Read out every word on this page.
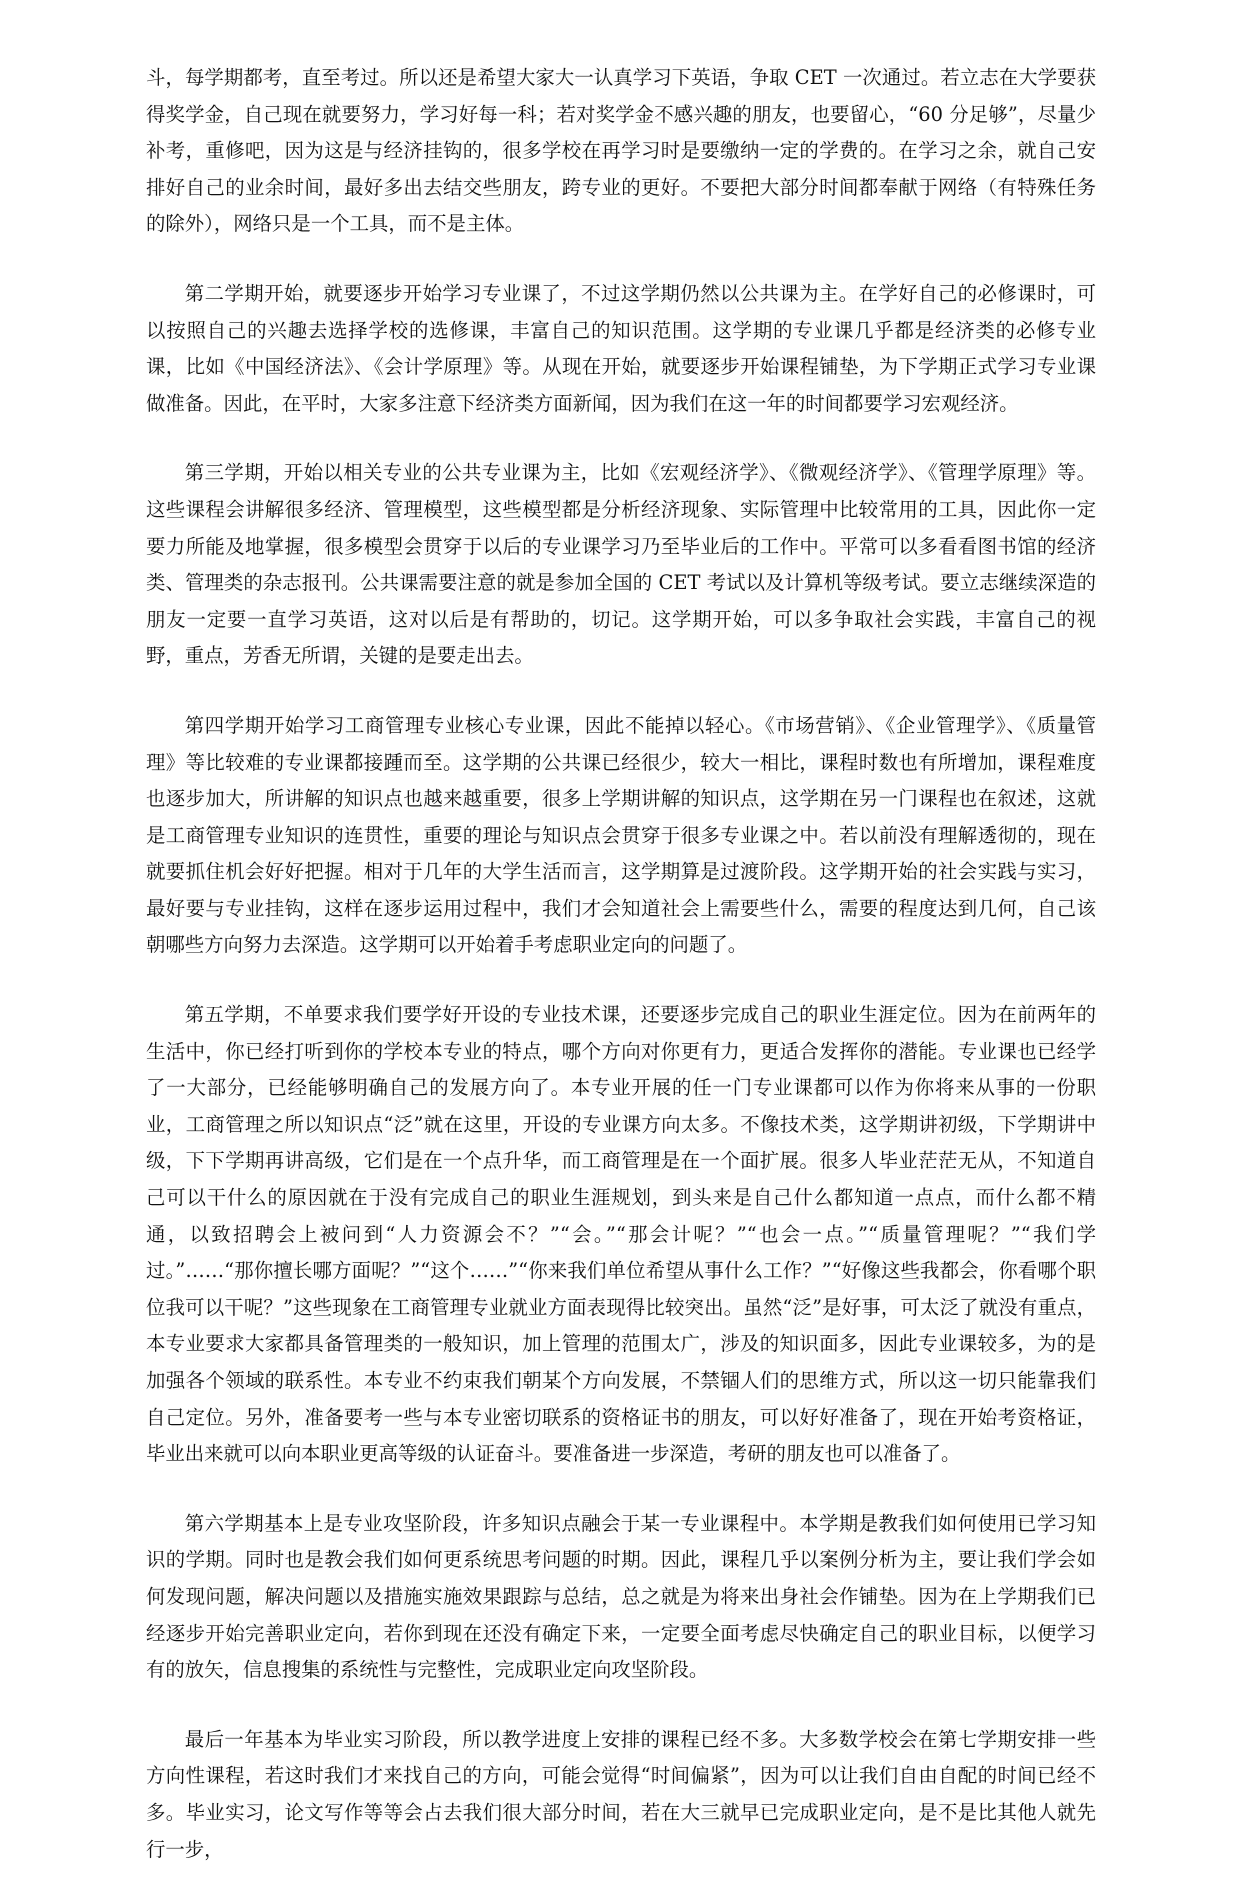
斗，每学期都考，直至考过。所以还是希望大家大一认真学习下英语，争取 CET 一次通过。若立志在大学要获得奖学金，自己现在就要努力，学习好每一科；若对奖学金不感兴趣的朋友，也要留心，“60 分足够”，尽量少补考，重修吧，因为这是与经济挂钩的，很多学校在再学习时是要缴纳一定的学费的。在学习之余，就自己安排好自己的业余时间，最好多出去结交些朋友，跨专业的更好。不要把大部分时间都奉献于网络（有特殊任务的除外），网络只是一个工具，而不是主体。

第二学期开始，就要逐步开始学习专业课了，不过这学期仍然以公共课为主。在学好自己的必修课时，可以按照自己的兴趣去选择学校的选修课，丰富自己的知识范围。这学期的专业课几乎都是经济类的必修专业课，比如《中国经济法》、《会计学原理》等。从现在开始，就要逐步开始课程铺垫，为下学期正式学习专业课做准备。因此，在平时，大家多注意下经济类方面新闻，因为我们在这一年的时间都要学习宏观经济。

第三学期，开始以相关专业的公共专业课为主，比如《宏观经济学》、《微观经济学》、《管理学原理》等。这些课程会讲解很多经济、管理模型，这些模型都是分析经济现象、实际管理中比较常用的工具，因此你一定要力所能及地掌握，很多模型会贯穿于以后的专业课学习乃至毕业后的工作中。平常可以多看看图书馆的经济类、管理类的杂志报刊。公共课需要注意的就是参加全国的 CET 考试以及计算机等级考试。要立志继续深造的朋友一定要一直学习英语，这对以后是有帮助的，切记。这学期开始，可以多争取社会实践，丰富自己的视野，重点，芳香无所谓，关键的是要走出去。

第四学期开始学习工商管理专业核心专业课，因此不能掉以轻心。《市场营销》、《企业管理学》、《质量管理》等比较难的专业课都接踵而至。这学期的公共课已经很少，较大一相比，课程时数也有所增加，课程难度也逐步加大，所讲解的知识点也越来越重要，很多上学期讲解的知识点，这学期在另一门课程也在叙述，这就是工商管理专业知识的连贯性，重要的理论与知识点会贯穿于很多专业课之中。若以前没有理解透彻的，现在就要抓住机会好好把握。相对于几年的大学生活而言，这学期算是过渡阶段。这学期开始的社会实践与实习，最好要与专业挂钩，这样在逐步运用过程中，我们才会知道社会上需要些什么，需要的程度达到几何，自己该朝哪些方向努力去深造。这学期可以开始着手考虑职业定向的问题了。

第五学期，不单要求我们要学好开设的专业技术课，还要逐步完成自己的职业生涯定位。因为在前两年的生活中，你已经打听到你的学校本专业的特点，哪个方向对你更有力，更适合发挥你的潜能。专业课也已经学了一大部分，已经能够明确自己的发展方向了。本专业开展的任一门专业课都可以作为你将来从事的一份职业，工商管理之所以知识点“泛”就在这里，开设的专业课方向太多。不像技术类，这学期讲初级，下学期讲中级，下下学期再讲高级，它们是在一个点升华，而工商管理是在一个面扩展。很多人毕业茫茫无从，不知道自己可以干什么的原因就在于没有完成自己的职业生涯规划，到头来是自己什么都知道一点点，而什么都不精通，以致招聘会上被问到“人力资源会不？”“会。”“那会计呢？”“也会一点。”“质量管理呢？”“我们学过。”……“那你擅长哪方面呢？”“这个……”“你来我们单位希望从事什么工作？”“好像这些我都会，你看哪个职位我可以干呢？”这些现象在工商管理专业就业方面表现得比较突出。虽然“泛”是好事，可太泛了就没有重点，本专业要求大家都具备管理类的一般知识，加上管理的范围太广，涉及的知识面多，因此专业课较多，为的是加强各个领域的联系性。本专业不约束我们朝某个方向发展，不禁锢人们的思维方式，所以这一切只能靠我们自己定位。另外，准备要考一些与本专业密切联系的资格证书的朋友，可以好好准备了，现在开始考资格证，毕业出来就可以向本职业更高等级的认证奋斗。要准备进一步深造，考研的朋友也可以准备了。

第六学期基本上是专业攻坚阶段，许多知识点融会于某一专业课程中。本学期是教我们如何使用已学习知识的学期。同时也是教会我们如何更系统思考问题的时期。因此，课程几乎以案例分析为主，要让我们学会如何发现问题，解决问题以及措施实施效果跟踪与总结，总之就是为将来出身社会作铺垫。因为在上学期我们已经逐步开始完善职业定向，若你到现在还没有确定下来，一定要全面考虑尽快确定自己的职业目标，以便学习有的放矢，信息搜集的系统性与完整性，完成职业定向攻坚阶段。

最后一年基本为毕业实习阶段，所以教学进度上安排的课程已经不多。大多数学校会在第七学期安排一些方向性课程，若这时我们才来找自己的方向，可能会觉得“时间偏紧”，因为可以让我们自由自配的时间已经不多。毕业实习，论文写作等等会占去我们很大部分时间，若在大三就早已完成职业定向，是不是比其他人就先行一步，
